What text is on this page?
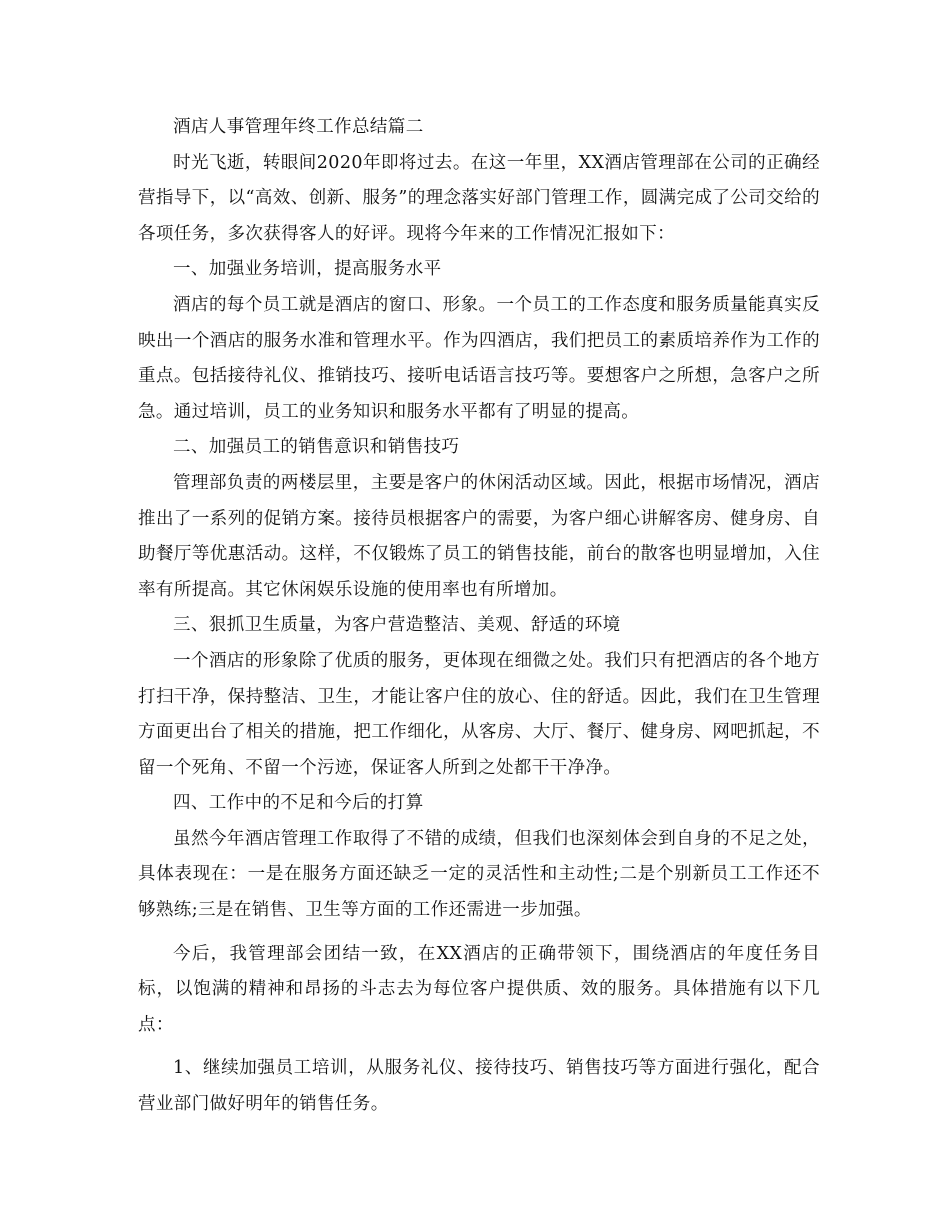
酒店人事管理年终工作总结篇二

时光飞逝，转眼间2020年即将过去。在这一年里，XX酒店管理部在公司的正确经营指导下，以“高效、创新、服务”的理念落实好部门管理工作，圆满完成了公司交给的各项任务，多次获得客人的好评。现将今年来的工作情况汇报如下：

一、加强业务培训，提高服务水平

酒店的每个员工就是酒店的窗口、形象。一个员工的工作态度和服务质量能真实反映出一个酒店的服务水准和管理水平。作为四酒店，我们把员工的素质培养作为工作的重点。包括接待礼仪、推销技巧、接听电话语言技巧等。要想客户之所想，急客户之所急。通过培训，员工的业务知识和服务水平都有了明显的提高。

二、加强员工的销售意识和销售技巧

管理部负责的两楼层里，主要是客户的休闲活动区域。因此，根据市场情况，酒店推出了一系列的促销方案。接待员根据客户的需要，为客户细心讲解客房、健身房、自助餐厅等优惠活动。这样，不仅锻炼了员工的销售技能，前台的散客也明显增加，入住率有所提高。其它休闲娱乐设施的使用率也有所增加。

三、狠抓卫生质量，为客户营造整洁、美观、舒适的环境

一个酒店的形象除了优质的服务，更体现在细微之处。我们只有把酒店的各个地方打扫干净，保持整洁、卫生，才能让客户住的放心、住的舒适。因此，我们在卫生管理方面更出台了相关的措施，把工作细化，从客房、大厅、餐厅、健身房、网吧抓起，不留一个死角、不留一个污迹，保证客人所到之处都干干净净。

四、工作中的不足和今后的打算

虽然今年酒店管理工作取得了不错的成绩，但我们也深刻体会到自身的不足之处，具体表现在：一是在服务方面还缺乏一定的灵活性和主动性;二是个别新员工工作还不够熟练;三是在销售、卫生等方面的工作还需进一步加强。

今后，我管理部会团结一致，在XX酒店的正确带领下，围绕酒店的年度任务目标，以饱满的精神和昂扬的斗志去为每位客户提供质、效的服务。具体措施有以下几点：

1、继续加强员工培训，从服务礼仪、接待技巧、销售技巧等方面进行强化，配合营业部门做好明年的销售任务。
